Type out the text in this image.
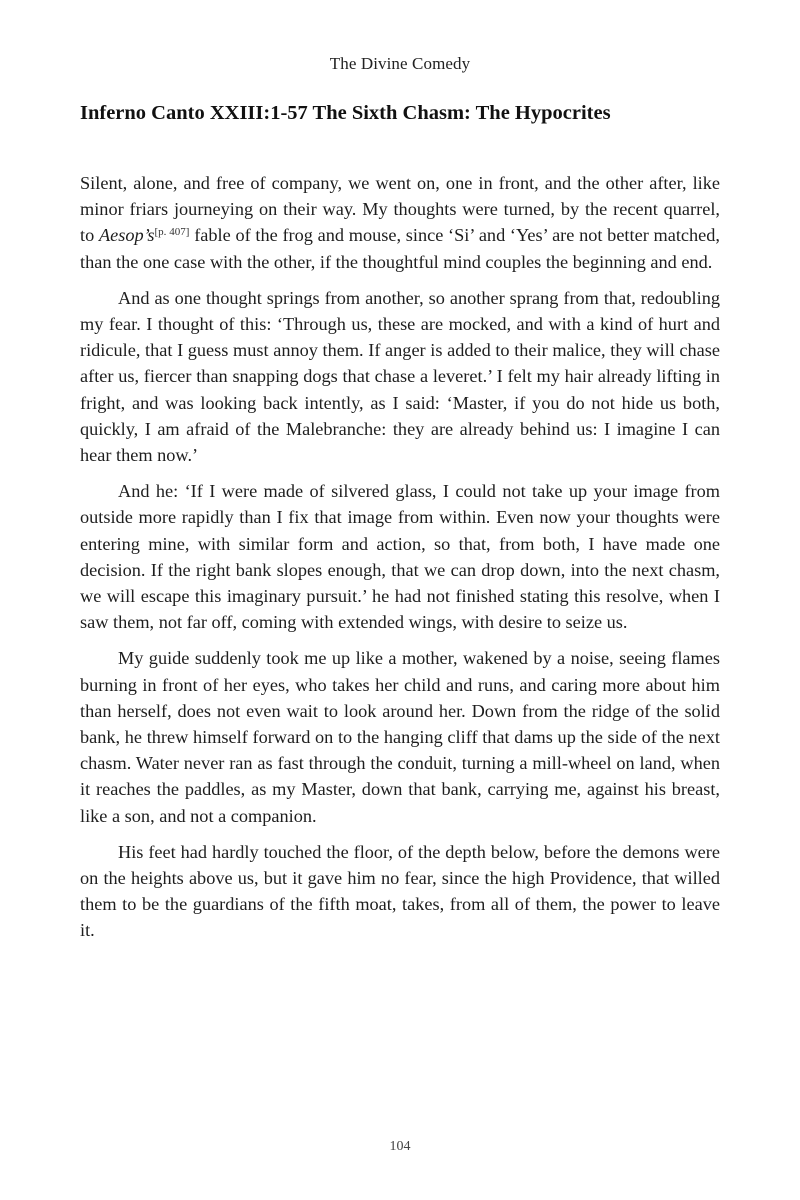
The Divine Comedy
Inferno Canto XXIII:1-57 The Sixth Chasm: The Hypocrites

Silent, alone, and free of company, we went on, one in front, and the other after, like minor friars journeying on their way. My thoughts were turned, by the recent quarrel, to Aesop’s[p. 407] fable of the frog and mouse, since ‘Si’ and ‘Yes’ are not better matched, than the one case with the other, if the thoughtful mind couples the beginning and end.

And as one thought springs from another, so another sprang from that, redoubling my fear. I thought of this: ‘Through us, these are mocked, and with a kind of hurt and ridicule, that I guess must annoy them. If anger is added to their malice, they will chase after us, fiercer than snapping dogs that chase a leveret.’ I felt my hair already lifting in fright, and was looking back intently, as I said: ‘Master, if you do not hide us both, quickly, I am afraid of the Malebranche: they are already behind us: I imagine I can hear them now.’

And he: ‘If I were made of silvered glass, I could not take up your image from outside more rapidly than I fix that image from within. Even now your thoughts were entering mine, with similar form and action, so that, from both, I have made one decision. If the right bank slopes enough, that we can drop down, into the next chasm, we will escape this imaginary pursuit.’ he had not finished stating this resolve, when I saw them, not far off, coming with extended wings, with desire to seize us.

My guide suddenly took me up like a mother, wakened by a noise, seeing flames burning in front of her eyes, who takes her child and runs, and caring more about him than herself, does not even wait to look around her. Down from the ridge of the solid bank, he threw himself forward on to the hanging cliff that dams up the side of the next chasm. Water never ran as fast through the conduit, turning a mill-wheel on land, when it reaches the paddles, as my Master, down that bank, carrying me, against his breast, like a son, and not a companion.

His feet had hardly touched the floor, of the depth below, before the demons were on the heights above us, but it gave him no fear, since the high Providence, that willed them to be the guardians of the fifth moat, takes, from all of them, the power to leave it.

104
